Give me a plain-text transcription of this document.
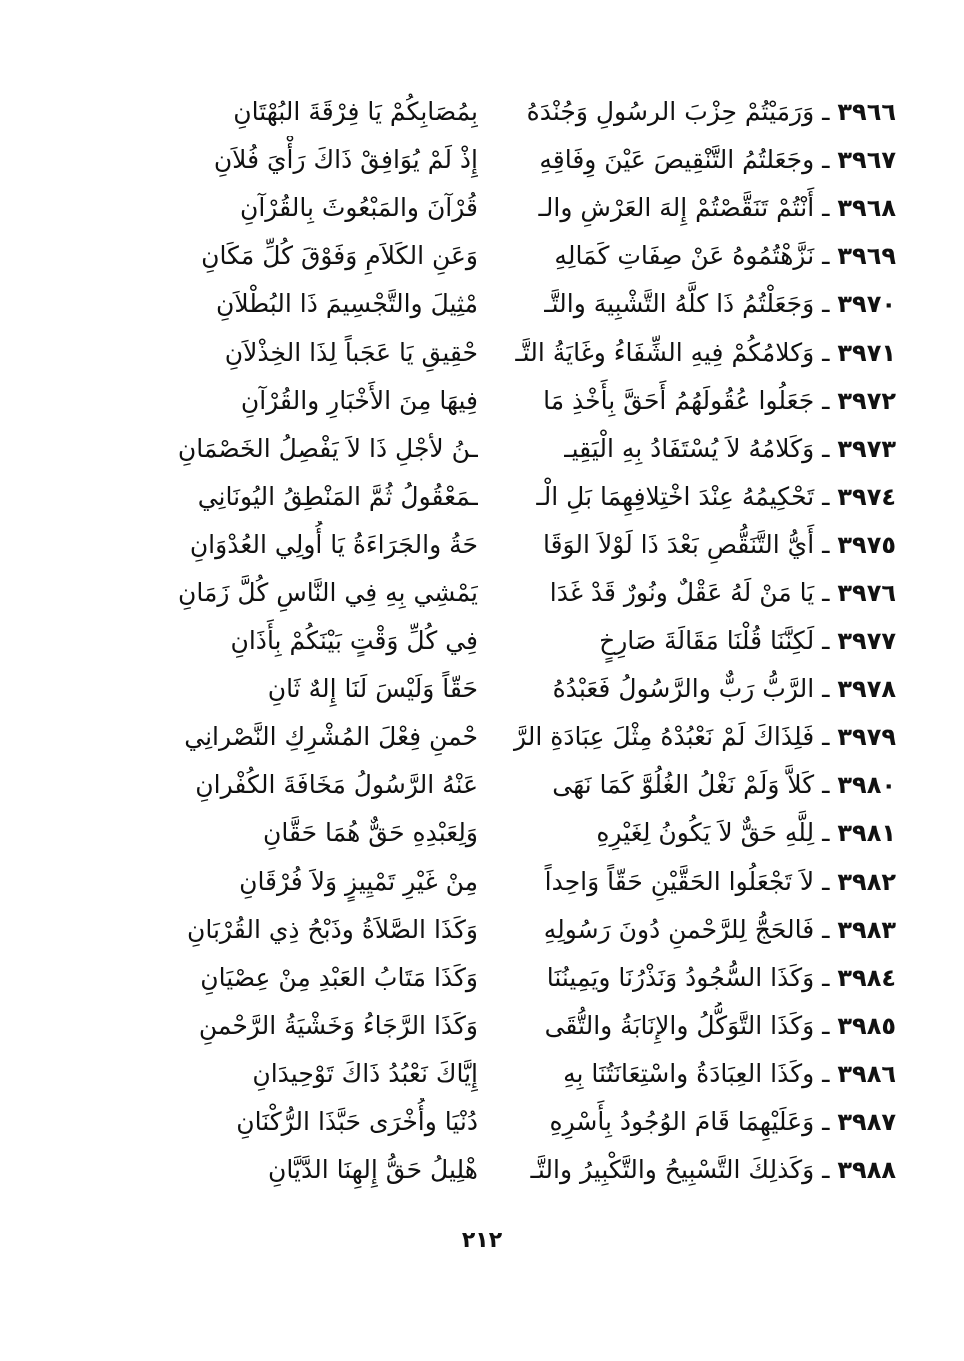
٣٩٦٦ ـ وَرَمَيْتُمْ حِزْبَ الرسُولِ وَجُنْدَهُ
بِمُصَابِكُمْ يَا فِرْقَةَ البُهْتَانِ
٣٩٦٧ ـ وجَعَلتُمُ التَّنْقِيصَ عَيْنَ وِفَاقِهِ
إِذْ لَمْ يُوَافِقْ ذَاكَ رَأْيَ فُلاَنِ
٣٩٦٨ ـ أَنْتُمْ تَنَقَّصْتُمْ إِلهَ العَرْشِ والـ
قُرْآنَ والمَبْعُوثَ بِالقُرْآنِ
٣٩٦٩ ـ نَزَّهْتُمُوهُ عَنْ صِفَاتِ كَمَالِهِ
وَعَنِ الكَلاَمِ وَفَوْقَ كُلِّ مَكَانِ
٣٩٧٠ ـ وَجَعَلْتُمُ ذَا كلَّهُ التَّشْبِيهَ والتَّـ
مْثِيلَ والتَّجْسِيمَ ذَا البُطْلاَنِ
٣٩٧١ ـ وَكلامُكُمْ فِيهِ الشِّفَاءُ وغَايَةُ التَّـ
حْقِيقِ يَا عَجَباً لِذَا الخِذْلاَنِ
٣٩٧٢ ـ جَعَلُوا عُقُولَهُمُ أَحَقَّ بِأَخْذِ مَا
فِيهَا مِنَ الأَخْبَارِ والقُرْآنِ
٣٩٧٣ ـ وَكَلامُهُ لاَ يُسْتَفَادُ بِهِ الْيَقِيـ
ـنُ لأجْلِ ذَا لاَ يَفْصِلُ الخَصْمَانِ
٣٩٧٤ ـ تَحْكِيمُهُ عِنْدَ اخْتِلافِهِمَا بَلِ الْـ
ـمَعْقُولُ ثُمَّ المَنْطِقُ اليُونَانِي
٣٩٧٥ ـ أَيُّ التَّنَقُّصِ بَعْدَ ذَا لَوْلاَ الوَقَا
حَةُ والجَرَاءَةُ يَا أُولِي العُدْوَانِ
٣٩٧٦ ـ يَا مَنْ لَهُ عَقْلٌ ونُورٌ قَدْ غَدَا
يَمْشِي بِهِ فِي النَّاسِ كُلَّ زَمَانِ
٣٩٧٧ ـ لَكِنَّنَا قُلْنَا مَقَالَةَ صَارِخٍ
فِي كُلِّ وَقْتٍ بَيْنَكُمْ بِأَذَانِ
٣٩٧٨ ـ الرَّبُّ رَبٌّ والرَّسُولُ فَعَبْدُهُ
حَقّاً وَلَيْسَ لَنَا إِلهٌ ثَانِ
٣٩٧٩ ـ فَلِذَاكَ لَمْ نَعْبُدْهُ مِثْلَ عِبَادَةِ الرَّ
حْمنِ فِعْلَ المُشْرِكِ النَّصْرانِي
٣٩٨٠ ـ كَلاَّ وَلَمْ نَغْلُ الغُلُوَّ كَمَا نَهَى
عَنْهُ الرَّسُولُ مَخَافَةَ الكُفْرانِ
٣٩٨١ ـ لِلَّهِ حَقٌّ لاَ يَكُونُ لِغَيْرِهِ
وَلِعَبْدِهِ حَقٌّ هُمَا حَقَّانِ
٣٩٨٢ ـ لاَ تَجْعَلُوا الحَقَّيْنِ حَقّاً وَاحِداً
مِنْ غَيْرِ تَمْيِيزٍ وَلاَ فُرْقَانِ
٣٩٨٣ ـ فَالحَجُّ لِلرَّحْمنِ دُونَ رَسُولِهِ
وَكَذَا الصَّلاَةُ وذَبْحُ ذِي القُرْبَانِ
٣٩٨٤ ـ وَكَذَا السُّجُودُ وَنَذْرُنَا ويَمِينُنَا
وَكَذَا مَتَابُ العَبْدِ مِنْ عِصْيَانِ
٣٩٨٥ ـ وَكَذَا التَّوَكُّلُ والإِنَابَةُ والتُّقَى
وَكَذَا الرَّجَاءُ وَخَشْيَةُ الرَّحْمنِ
٣٩٨٦ ـ وكَذَا العِبَادَةُ واسْتِعَانَتُنَا بِهِ
إِيَّاكَ نَعْبُدُ ذَاكَ تَوْحِيدَانِ
٣٩٨٧ ـ وَعَلَيْهِمَا قَامَ الوُجُودُ بِأَسْرِهِ
دُنْيَا وأُخْرَى حَبَّذَا الرُّكْنَانِ
٣٩٨٨ ـ وَكَذلِكَ التَّسْبِيحُ والتَّكْبِيرُ والتَّـ
هْلِيلُ حَقُّ إِلهِنَا الدَّيَّانِ
٢١٢
